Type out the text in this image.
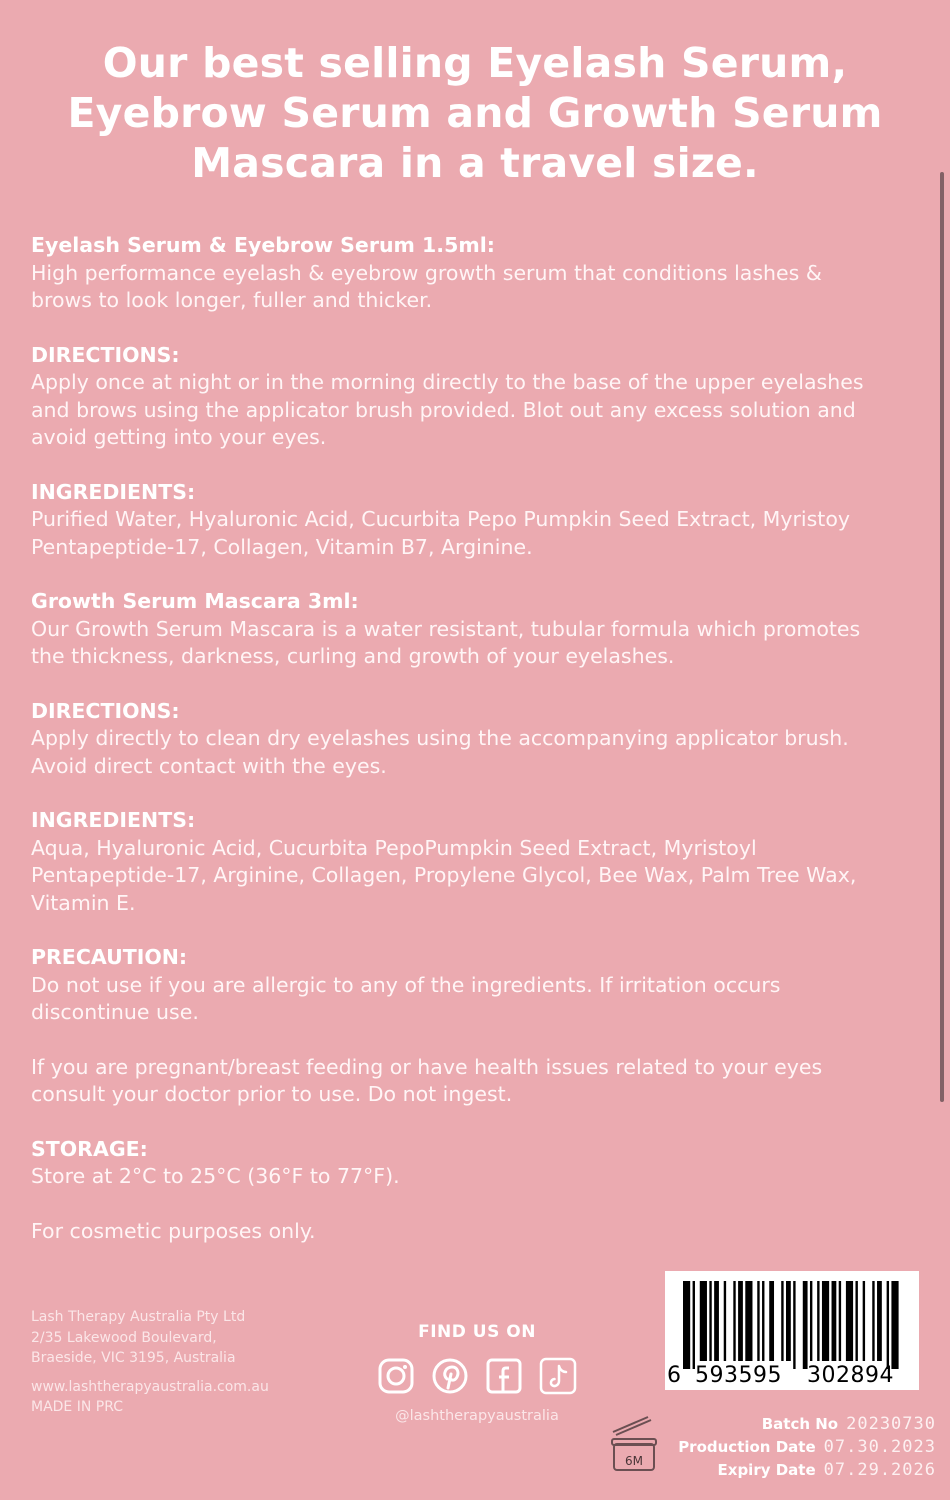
Our best selling Eyelash Serum,
Eyebrow Serum and Growth Serum
Mascara in a travel size.
Eyelash Serum & Eyebrow Serum 1.5ml:
High performance eyelash & eyebrow growth serum that conditions lashes &
brows to look longer, fuller and thicker.
DIRECTIONS:
Apply once at night or in the morning directly to the base of the upper eyelashes
and brows using the applicator brush provided. Blot out any excess solution and
avoid getting into your eyes.
INGREDIENTS:
Purified Water, Hyaluronic Acid, Cucurbita Pepo Pumpkin Seed Extract, Myristoy
Pentapeptide-17, Collagen, Vitamin B7, Arginine.
Growth Serum Mascara 3ml:
Our Growth Serum Mascara is a water resistant, tubular formula which promotes
the thickness, darkness, curling and growth of your eyelashes.
DIRECTIONS:
Apply directly to clean dry eyelashes using the accompanying applicator brush.
Avoid direct contact with the eyes.
INGREDIENTS:
Aqua, Hyaluronic Acid, Cucurbita PepoPumpkin Seed Extract, Myristoyl
Pentapeptide-17, Arginine, Collagen, Propylene Glycol, Bee Wax, Palm Tree Wax,
Vitamin E.
PRECAUTION:
Do not use if you are allergic to any of the ingredients. If irritation occurs
discontinue use.
If you are pregnant/breast feeding or have health issues related to your eyes
consult your doctor prior to use. Do not ingest.
STORAGE:
Store at 2°C to 25°C (36°F to 77°F).
For cosmetic purposes only.
Lash Therapy Australia Pty Ltd
2/35 Lakewood Boulevard,
Braeside, VIC 3195, Australia
www.lashtherapyaustralia.com.au
MADE IN PRC
FIND US ON
@lashtherapyaustralia
6 593595 302894
6M
Batch No 20230730
Production Date 07.30.2023
Expiry Date 07.29.2026
